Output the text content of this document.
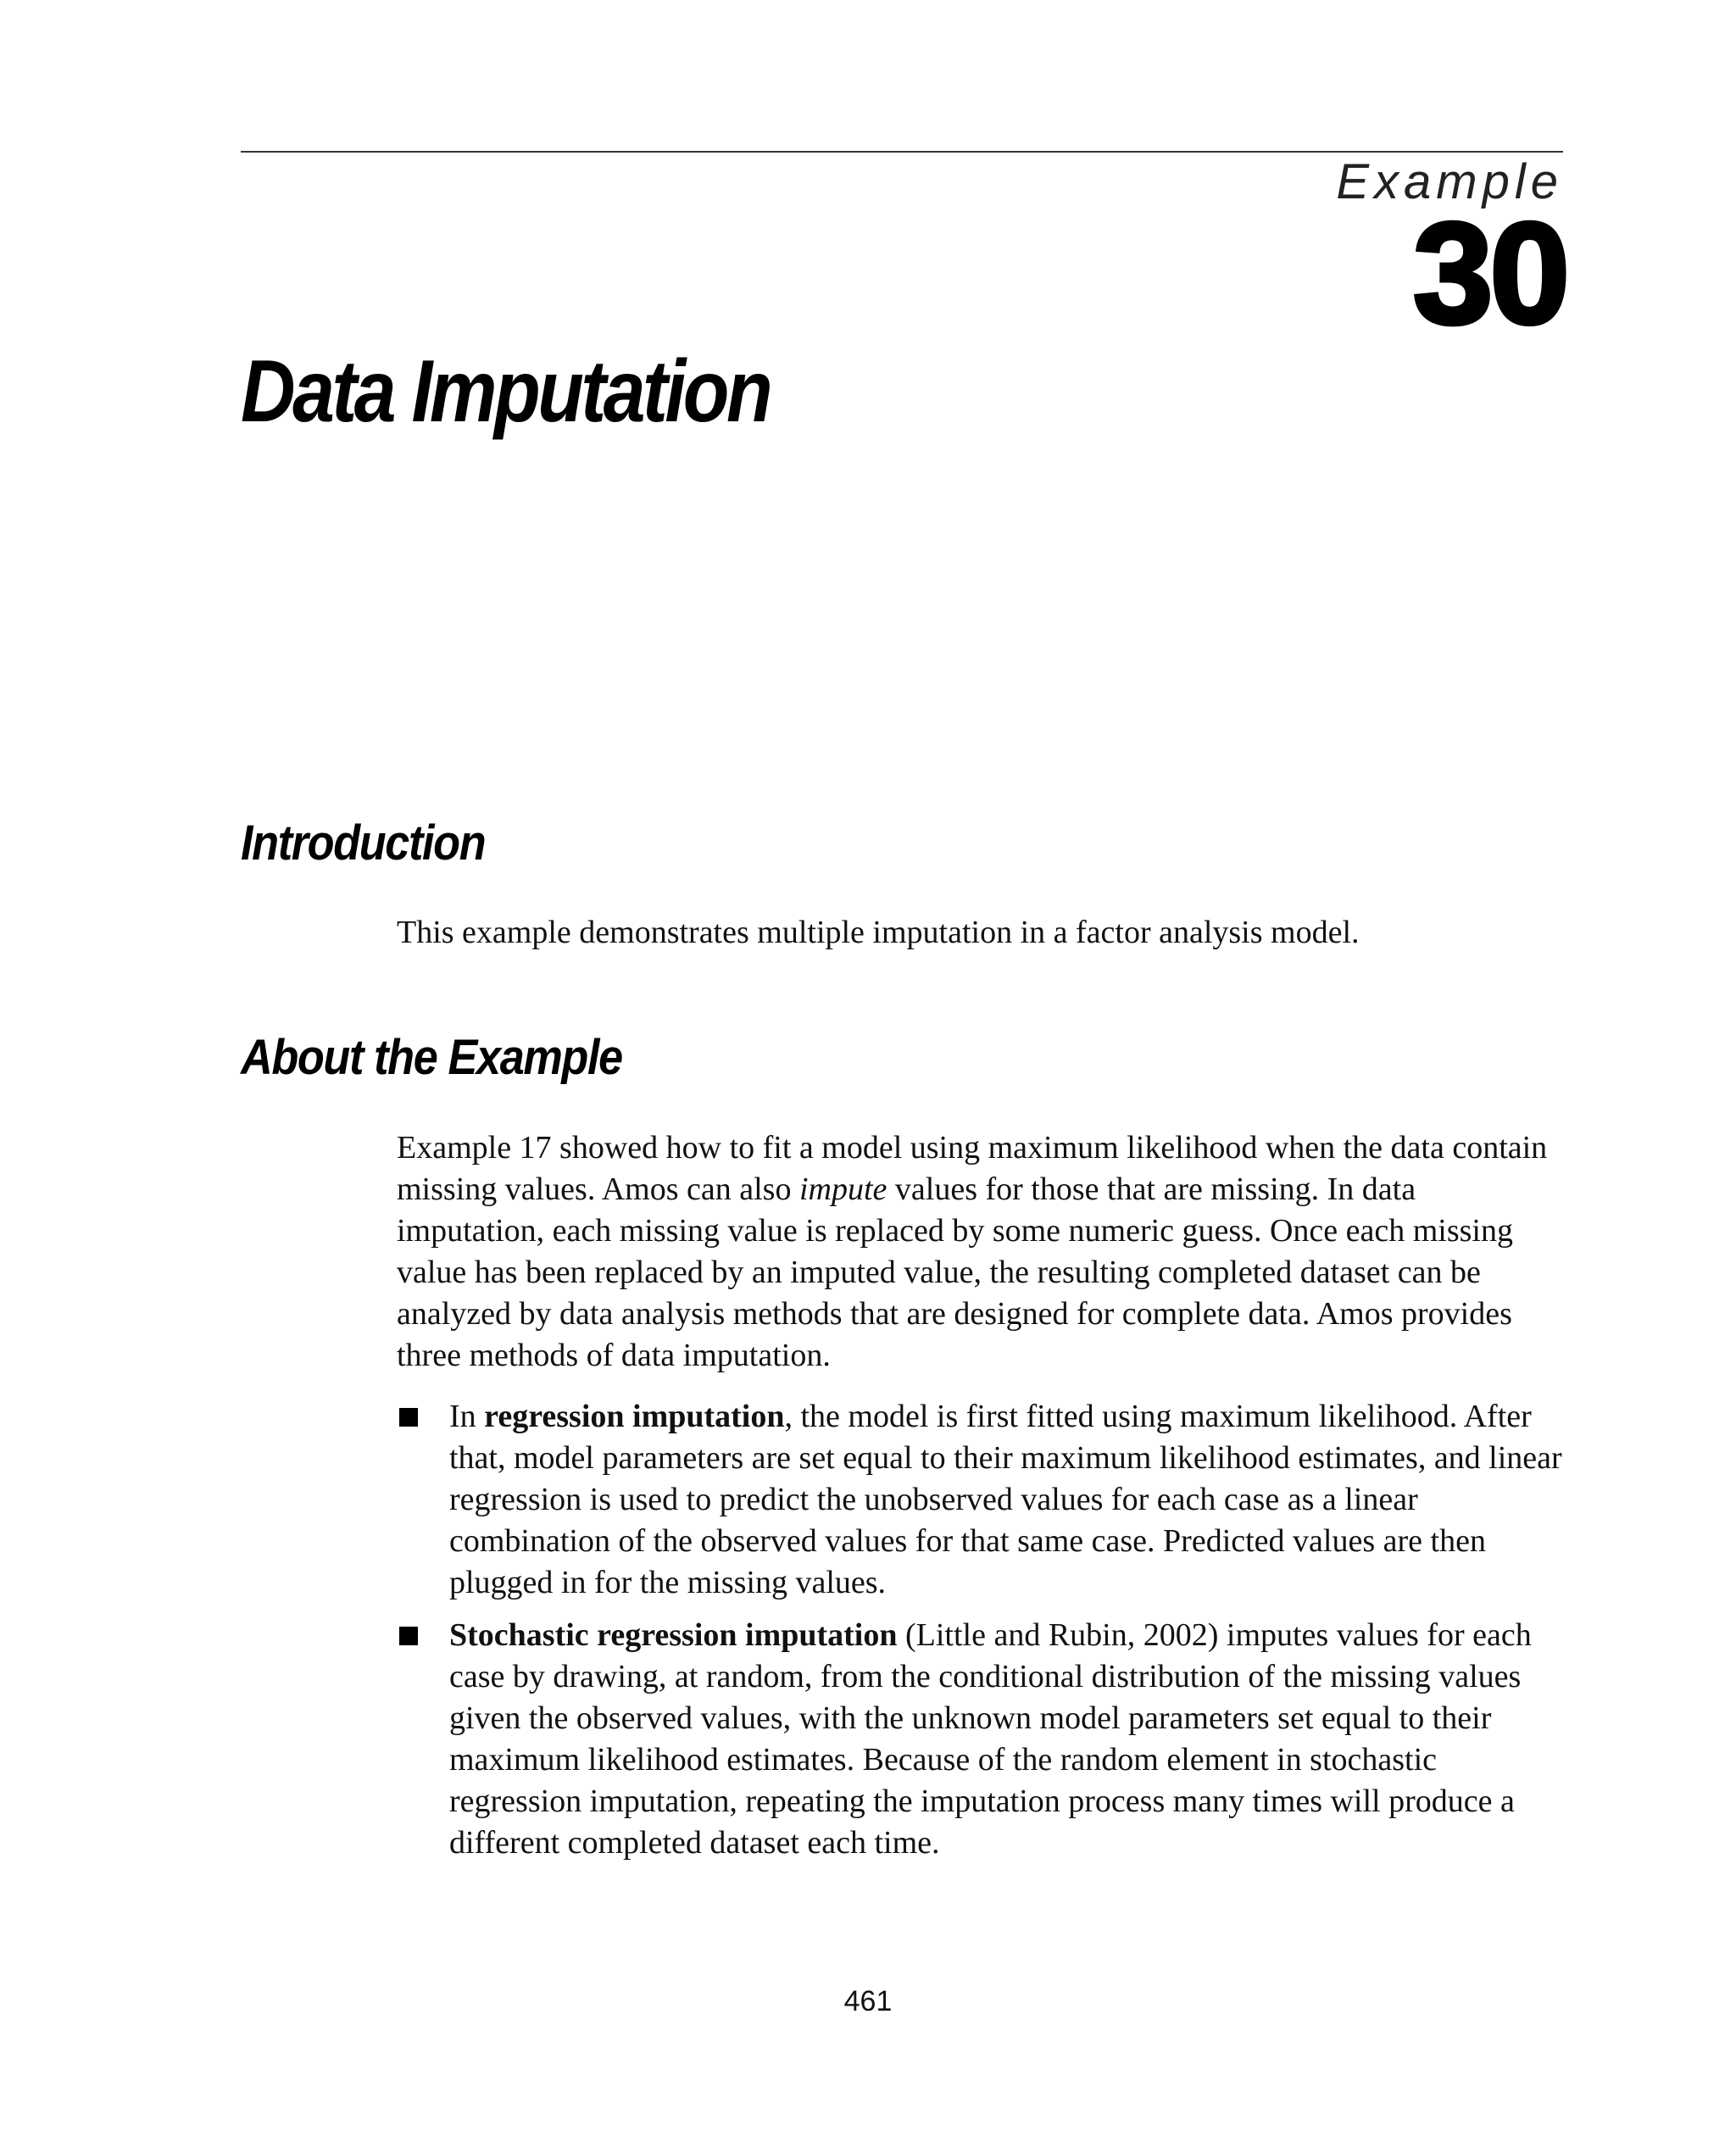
Example
30
Data Imputation
Introduction

This example demonstrates multiple imputation in a factor analysis model.

About the Example

Example 17 showed how to fit a model using maximum likelihood when the data contain missing values. Amos can also impute values for those that are missing. In data imputation, each missing value is replaced by some numeric guess. Once each missing value has been replaced by an imputed value, the resulting completed dataset can be analyzed by data analysis methods that are designed for complete data. Amos provides three methods of data imputation.

In regression imputation, the model is first fitted using maximum likelihood. After that, model parameters are set equal to their maximum likelihood estimates, and linear regression is used to predict the unobserved values for each case as a linear combination of the observed values for that same case. Predicted values are then plugged in for the missing values.
Stochastic regression imputation (Little and Rubin, 2002) imputes values for each case by drawing, at random, from the conditional distribution of the missing values given the observed values, with the unknown model parameters set equal to their maximum likelihood estimates. Because of the random element in stochastic regression imputation, repeating the imputation process many times will produce a different completed dataset each time.
461
